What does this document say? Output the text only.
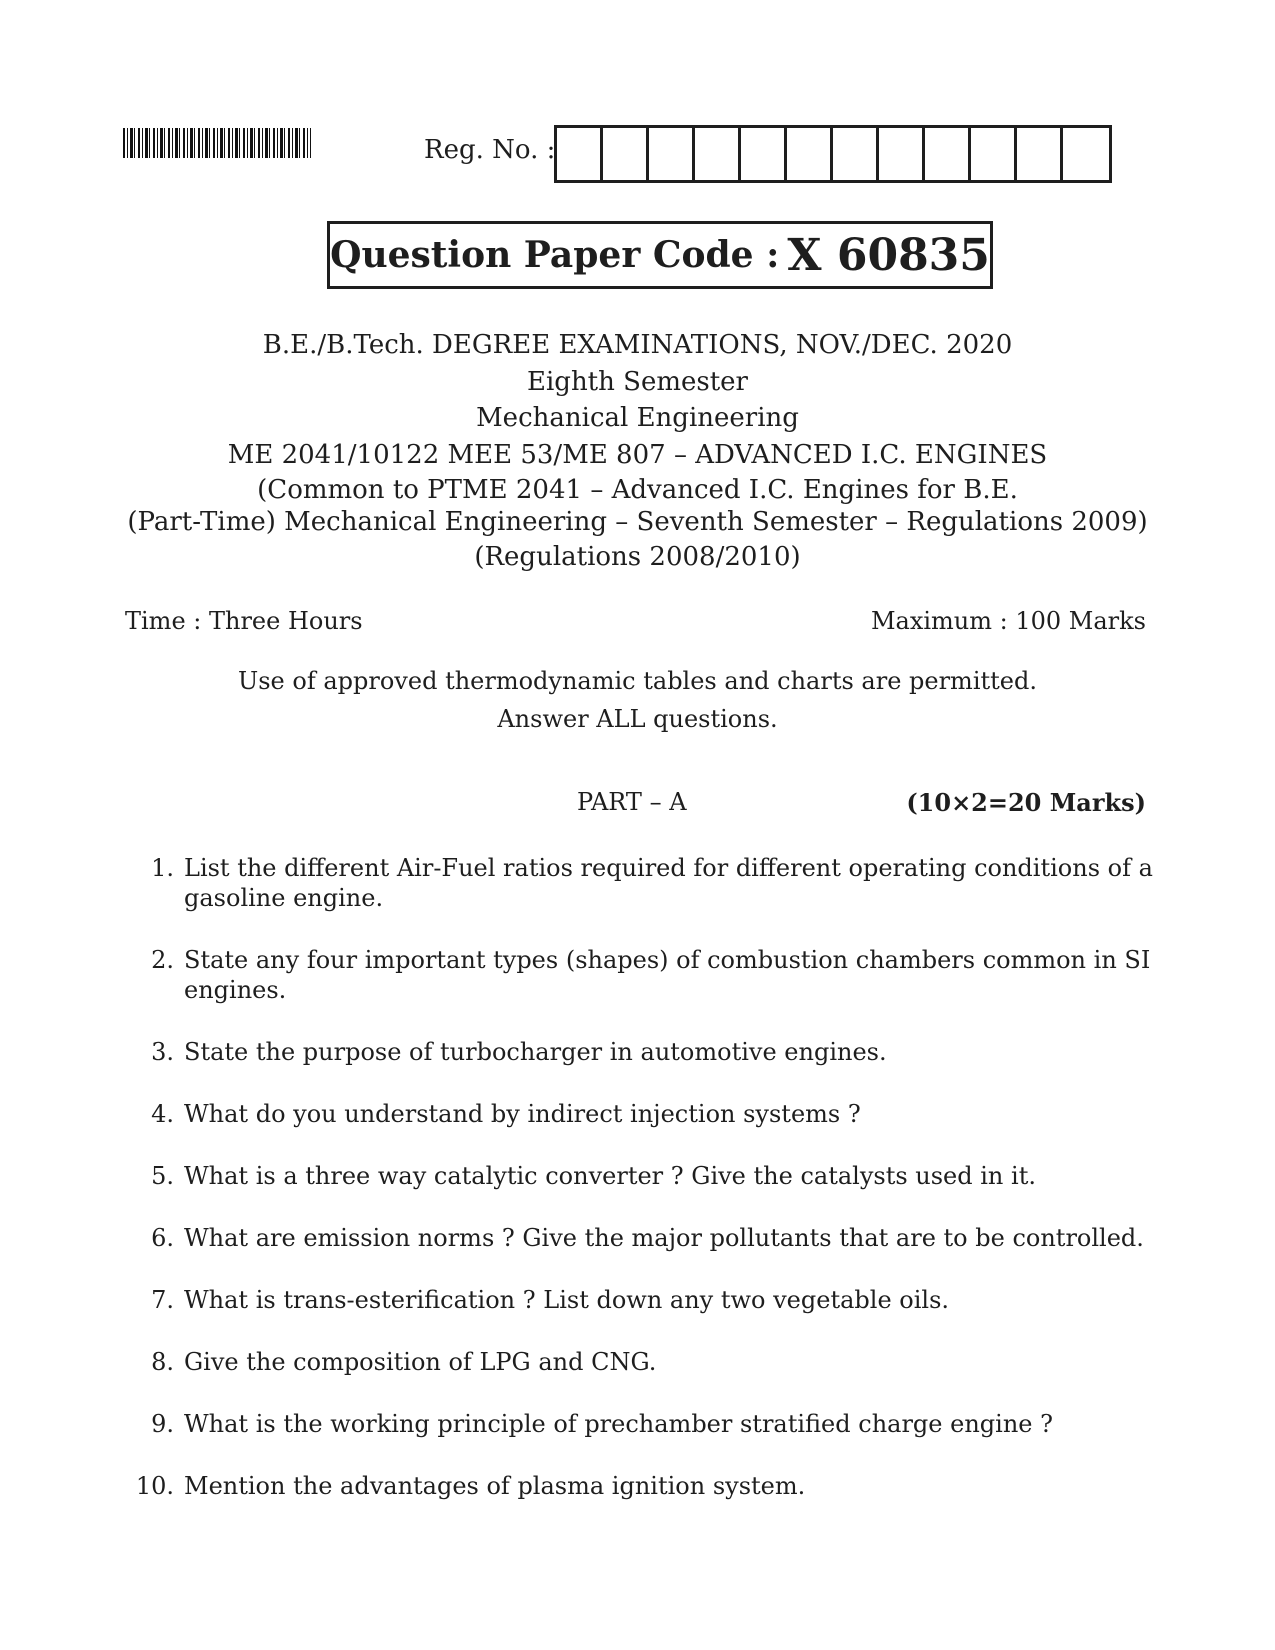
Reg. No. :
Question Paper Code : X 60835
B.E./B.Tech. DEGREE EXAMINATIONS, NOV./DEC. 2020
Eighth Semester
Mechanical Engineering
ME 2041/10122 MEE 53/ME 807 – ADVANCED I.C. ENGINES
(Common to PTME 2041 – Advanced I.C. Engines for B.E.
(Part-Time) Mechanical Engineering – Seventh Semester – Regulations 2009)
(Regulations 2008/2010)
Time : Three Hours	Maximum : 100 Marks
Use of approved thermodynamic tables and charts are permitted.
Answer ALL questions.
PART – A	(10×2=20 Marks)
1. List the different Air-Fuel ratios required for different operating conditions of a gasoline engine.
2. State any four important types (shapes) of combustion chambers common in SI engines.
3. State the purpose of turbocharger in automotive engines.
4. What do you understand by indirect injection systems ?
5. What is a three way catalytic converter ? Give the catalysts used in it.
6. What are emission norms ? Give the major pollutants that are to be controlled.
7. What is trans-esterification ? List down any two vegetable oils.
8. Give the composition of LPG and CNG.
9. What is the working principle of prechamber stratified charge engine ?
10. Mention the advantages of plasma ignition system.
